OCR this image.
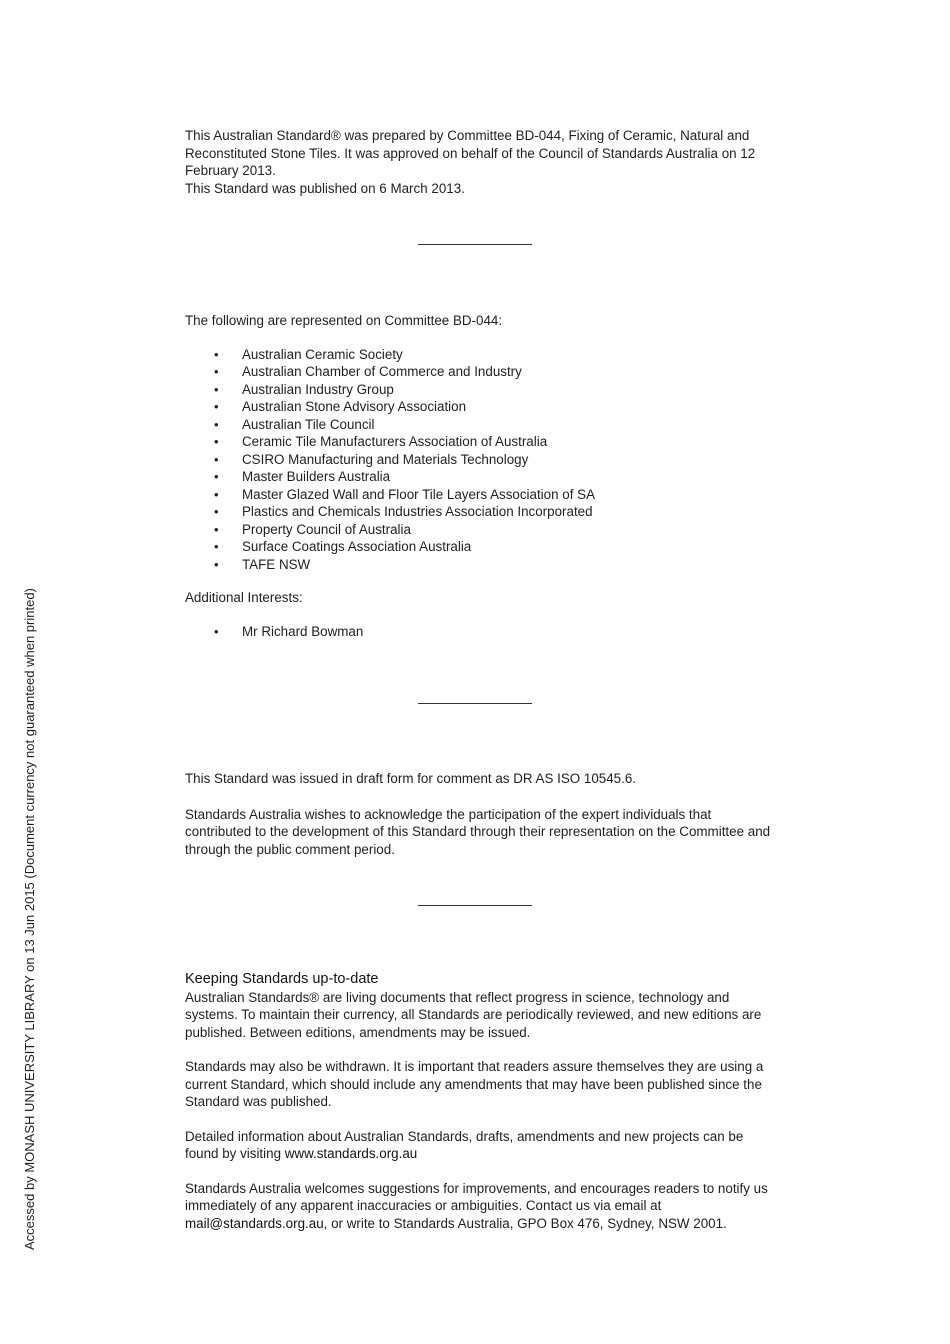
This Australian Standard® was prepared by Committee BD-044, Fixing of Ceramic, Natural and Reconstituted Stone Tiles. It was approved on behalf of the Council of Standards Australia on 12 February 2013.

This Standard was published on 6 March 2013.

The following are represented on Committee BD-044:

• Australian Ceramic Society
• Australian Chamber of Commerce and Industry
• Australian Industry Group
• Australian Stone Advisory Association
• Australian Tile Council
• Ceramic Tile Manufacturers Association of Australia
• CSIRO Manufacturing and Materials Technology
• Master Builders Australia
• Master Glazed Wall and Floor Tile Layers Association of SA
• Plastics and Chemicals Industries Association Incorporated
• Property Council of Australia
• Surface Coatings Association Australia
• TAFE NSW

Additional Interests:

• Mr Richard Bowman

This Standard was issued in draft form for comment as DR AS ISO 10545.6.

Standards Australia wishes to acknowledge the participation of the expert individuals that contributed to the development of this Standard through their representation on the Committee and through the public comment period.

Keeping Standards up-to-date

Australian Standards® are living documents that reflect progress in science, technology and systems. To maintain their currency, all Standards are periodically reviewed, and new editions are published. Between editions, amendments may be issued.

Standards may also be withdrawn. It is important that readers assure themselves they are using a current Standard, which should include any amendments that may have been published since the Standard was published.

Detailed information about Australian Standards, drafts, amendments and new projects can be found by visiting www.standards.org.au

Standards Australia welcomes suggestions for improvements, and encourages readers to notify us immediately of any apparent inaccuracies or ambiguities. Contact us via email at mail@standards.org.au, or write to Standards Australia, GPO Box 476, Sydney, NSW 2001.

Accessed by MONASH UNIVERSITY LIBRARY on 13 Jun 2015 (Document currency not guaranteed when printed)
